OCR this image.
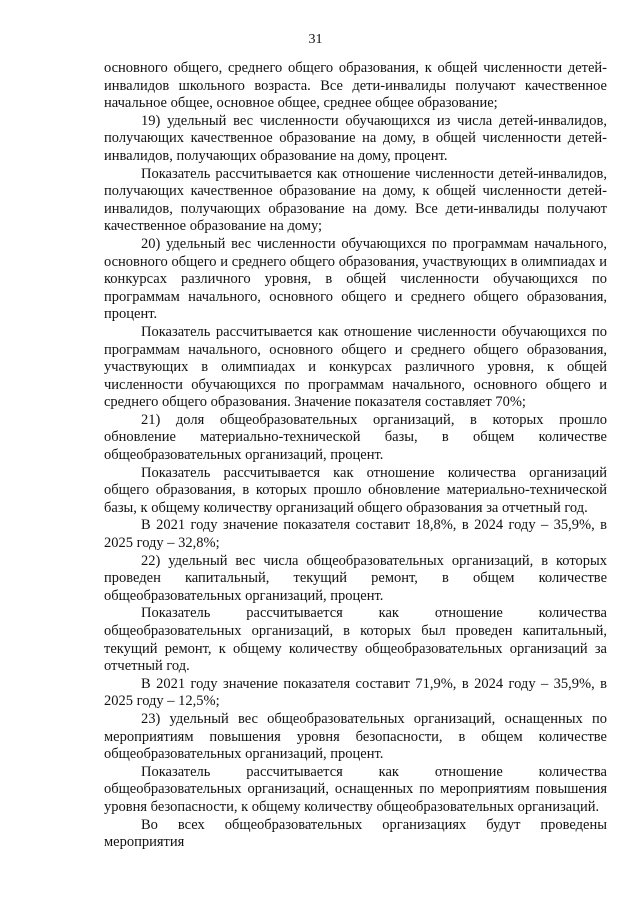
31

основного общего, среднего общего образования, к общей численности детей-инвалидов школьного возраста. Все дети-инвалиды получают качественное начальное общее, основное общее, среднее общее образование;

19) удельный вес численности обучающихся из числа детей-инвалидов, получающих качественное образование на дому, в общей численности детей-инвалидов, получающих образование на дому, процент.

Показатель рассчитывается как отношение численности детей-инвалидов, получающих качественное образование на дому, к общей численности детей-инвалидов, получающих образование на дому. Все дети-инвалиды получают качественное образование на дому;

20) удельный вес численности обучающихся по программам начального, основного общего и среднего общего образования, участвующих в олимпиадах и конкурсах различного уровня, в общей численности обучающихся по программам начального, основного общего и среднего общего образования, процент.

Показатель рассчитывается как отношение численности обучающихся по программам начального, основного общего и среднего общего образования, участвующих в олимпиадах и конкурсах различного уровня, к общей численности обучающихся по программам начального, основного общего и среднего общего образования. Значение показателя составляет 70%;

21) доля общеобразовательных организаций, в которых прошло обновление материально-технической базы, в общем количестве общеобразовательных организаций, процент.

Показатель рассчитывается как отношение количества организаций общего образования, в которых прошло обновление материально-технической базы, к общему количеству организаций общего образования за отчетный год.

В 2021 году значение показателя составит 18,8%, в 2024 году – 35,9%, в 2025 году – 32,8%;

22) удельный вес числа общеобразовательных организаций, в которых проведен капитальный, текущий ремонт, в общем количестве общеобразовательных организаций, процент.

Показатель рассчитывается как отношение количества общеобразовательных организаций, в которых был проведен капитальный, текущий ремонт, к общему количеству общеобразовательных организаций за отчетный год.

В 2021 году значение показателя составит 71,9%, в 2024 году – 35,9%, в 2025 году – 12,5%;

23) удельный вес общеобразовательных организаций, оснащенных по мероприятиям повышения уровня безопасности, в общем количестве общеобразовательных организаций, процент.

Показатель рассчитывается как отношение количества общеобразовательных организаций, оснащенных по мероприятиям повышения уровня безопасности, к общему количеству общеобразовательных организаций.

Во всех общеобразовательных организациях будут проведены мероприятия
